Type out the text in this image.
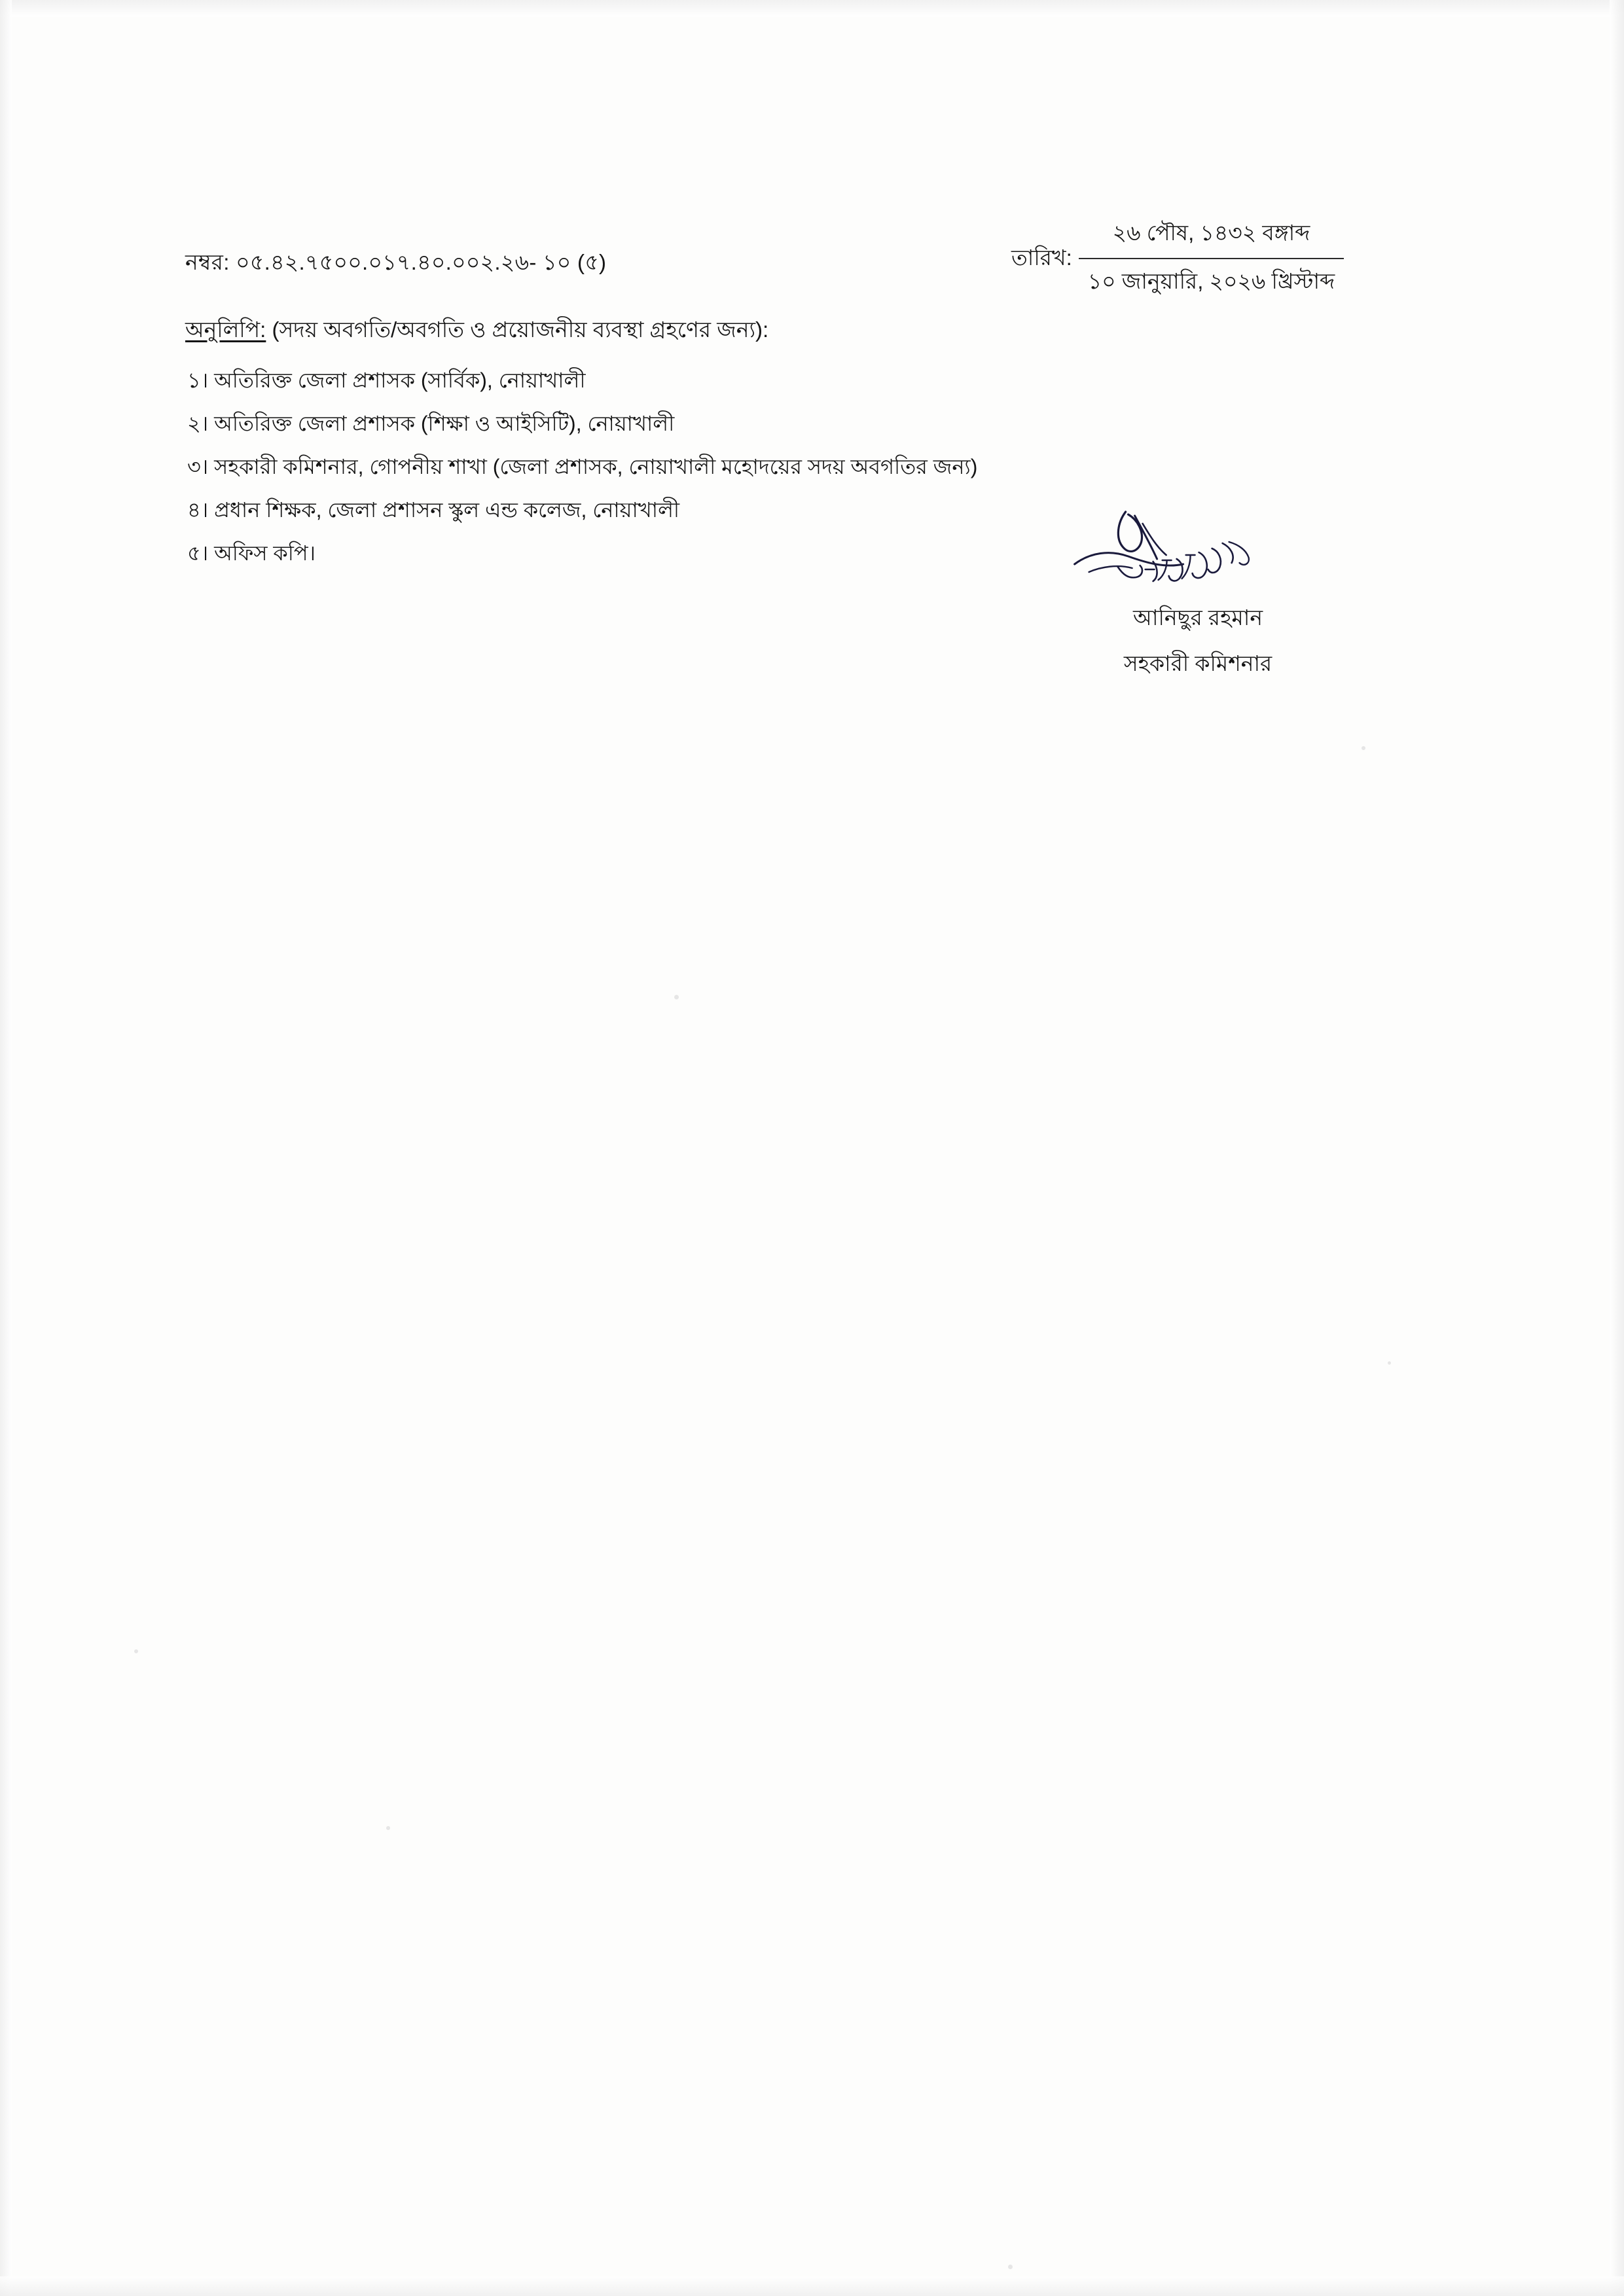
নম্বর: ০৫.৪২.৭৫০০.০১৭.৪০.০০২.২৬- ১০ (৫)	তারিখ:
২৬ পৌষ, ১৪৩২ বঙ্গাব্দ
১০ জানুয়ারি, ২০২৬ খ্রিস্টাব্দ
অনুলিপি: (সদয় অবগতি/অবগতি ও প্রয়োজনীয় ব্যবস্থা গ্রহণের জন্য):
১। অতিরিক্ত জেলা প্রশাসক (সার্বিক), নোয়াখালী
২। অতিরিক্ত জেলা প্রশাসক (শিক্ষা ও আইসিটি), নোয়াখালী
৩। সহকারী কমিশনার, গোপনীয় শাখা (জেলা প্রশাসক, নোয়াখালী মহোদয়ের সদয় অবগতির জন্য)
৪। প্রধান শিক্ষক, জেলা প্রশাসন স্কুল এন্ড কলেজ, নোয়াখালী
৫। অফিস কপি।
আনিছুর রহমান
সহকারী কমিশনার
